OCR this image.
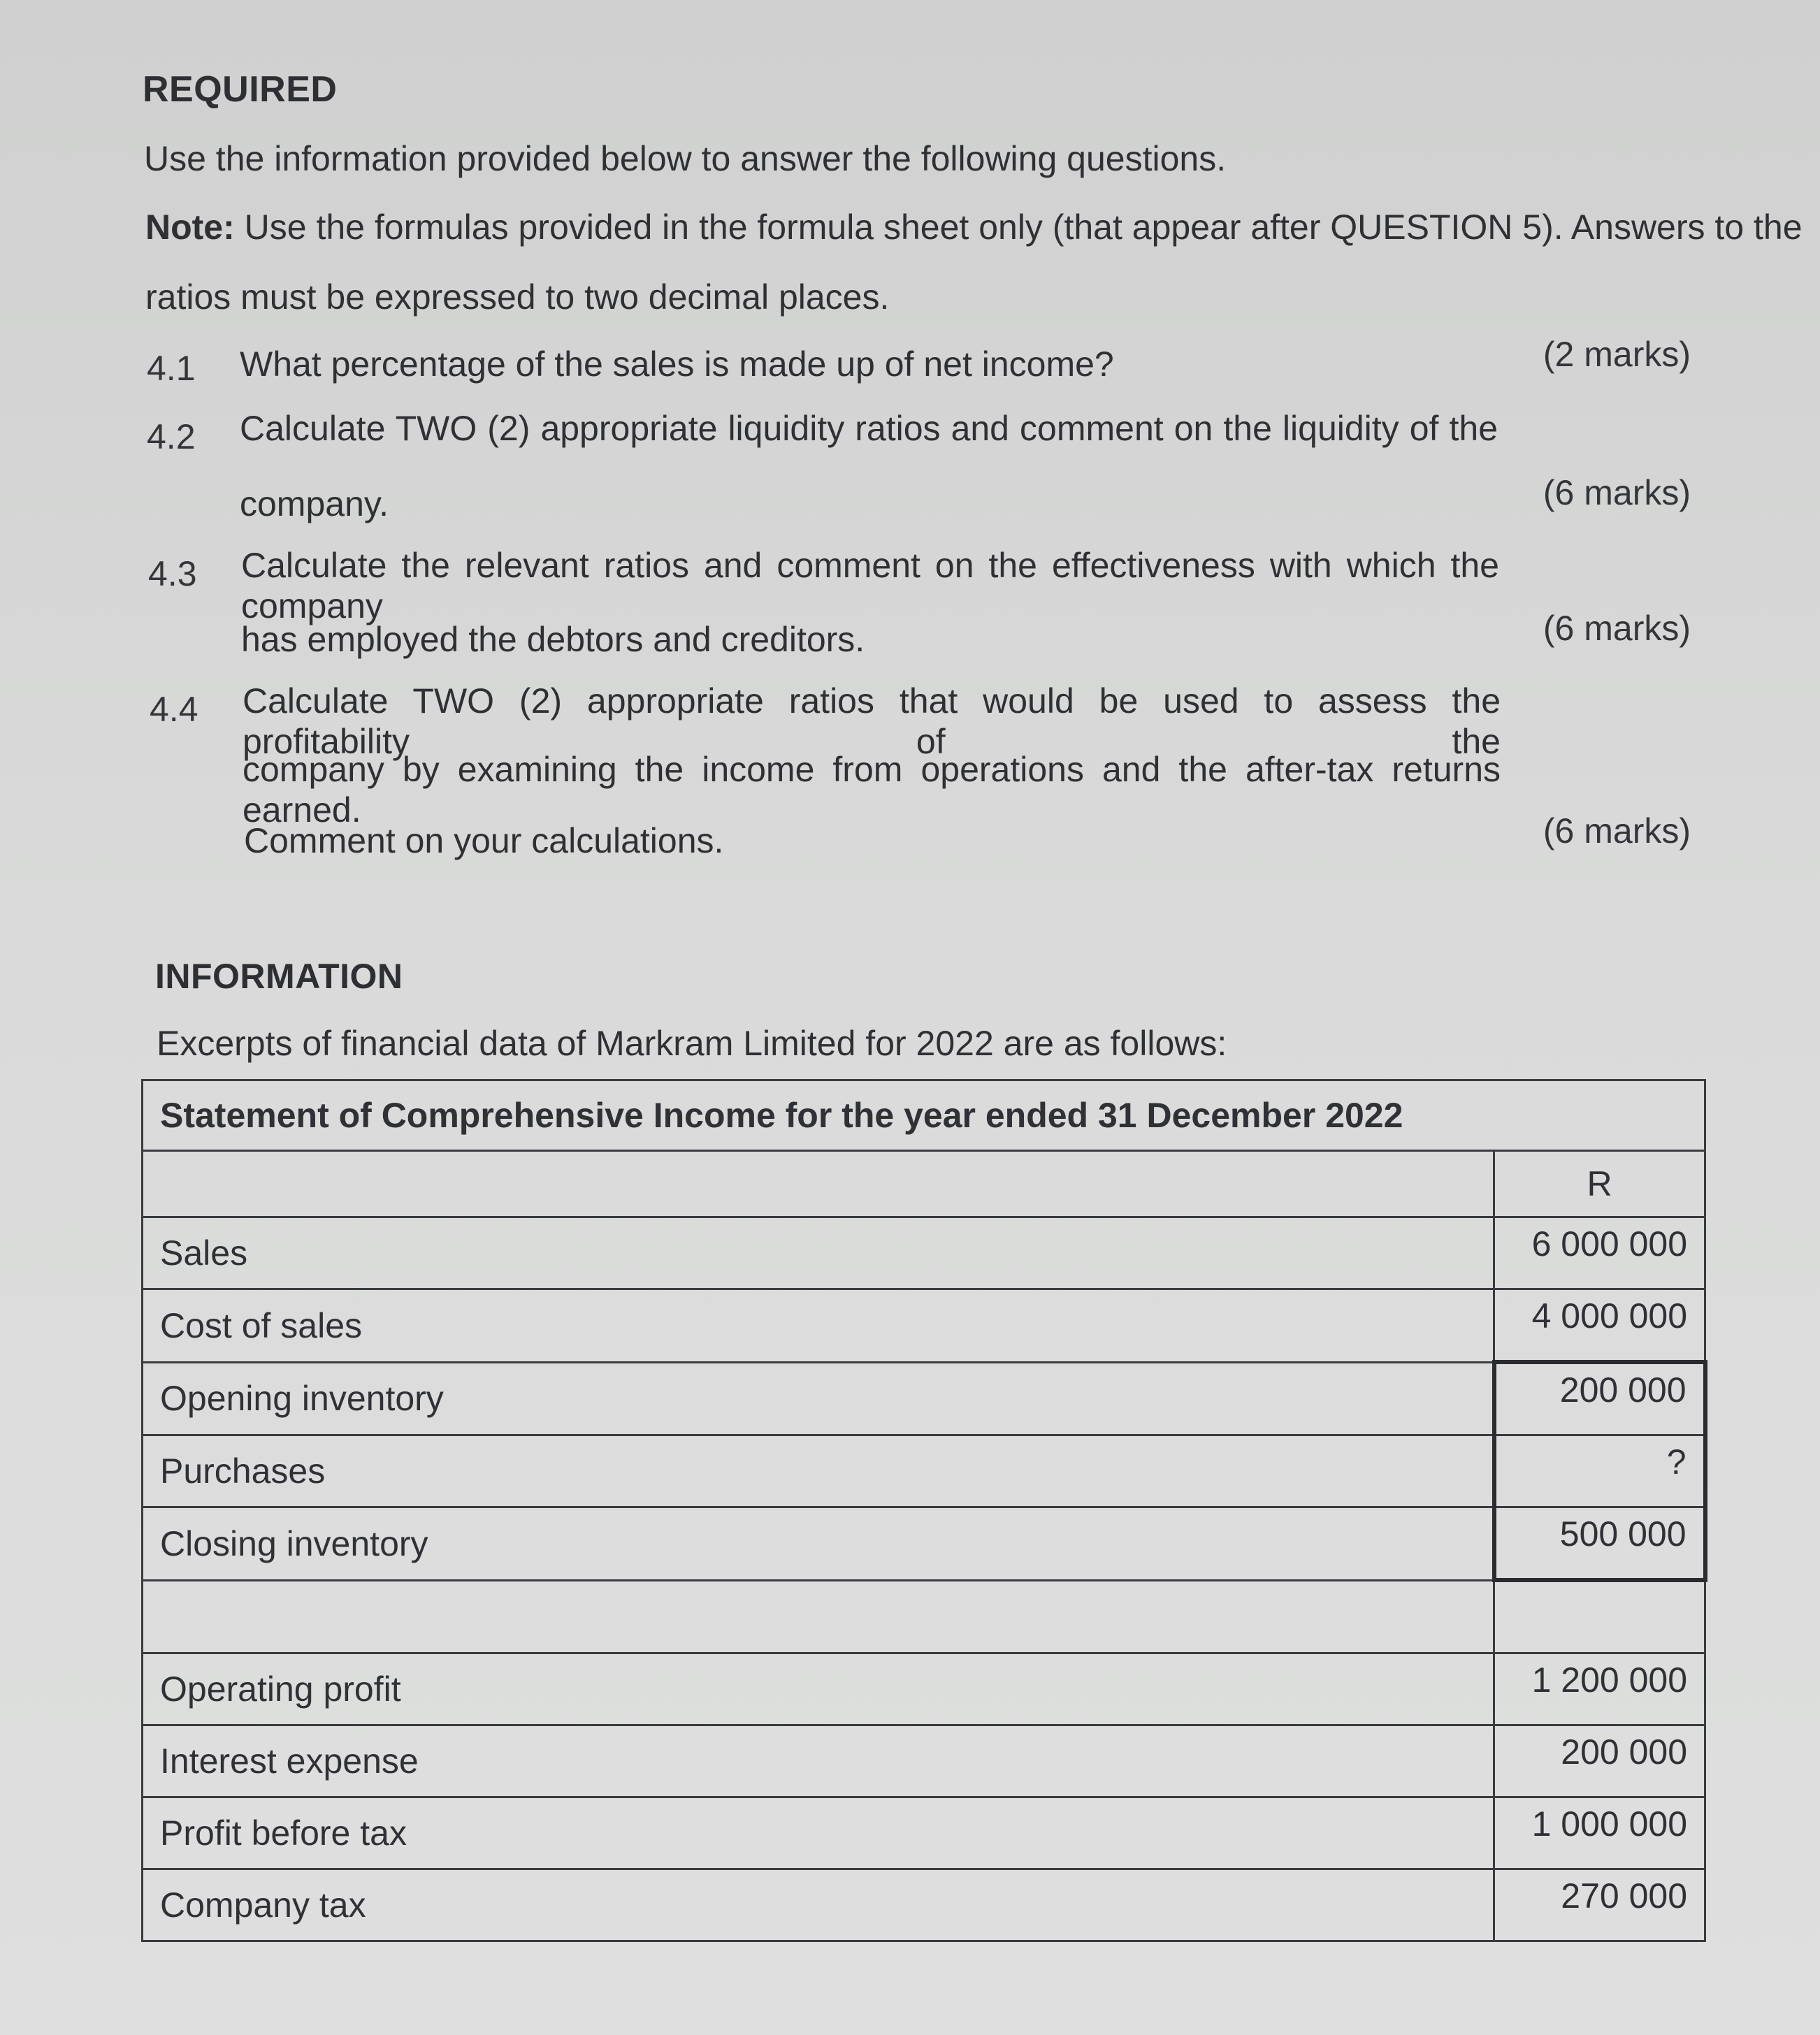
REQUIRED
Use the information provided below to answer the following questions.
Note: Use the formulas provided in the formula sheet only (that appear after QUESTION 5). Answers to the
ratios must be expressed to two decimal places.
4.1 What percentage of the sales is made up of net income?	(2 marks)
4.2 Calculate TWO (2) appropriate liquidity ratios and comment on the liquidity of the
company.	(6 marks)
4.3 Calculate the relevant ratios and comment on the effectiveness with which the company
has employed the debtors and creditors.	(6 marks)
4.4 Calculate TWO (2) appropriate ratios that would be used to assess the profitability of the
company by examining the income from operations and the after-tax returns earned.
Comment on your calculations.	(6 marks)
INFORMATION
Excerpts of financial data of Markram Limited for 2022 are as follows:
Statement of Comprehensive Income for the year ended 31 December 2022	
	R
Sales	6 000 000
Cost of sales	4 000 000
Opening inventory	200 000
Purchases	?
Closing inventory	500 000

Operating profit	1 200 000
Interest expense	200 000
Profit before tax	1 000 000
Company tax	270 000
